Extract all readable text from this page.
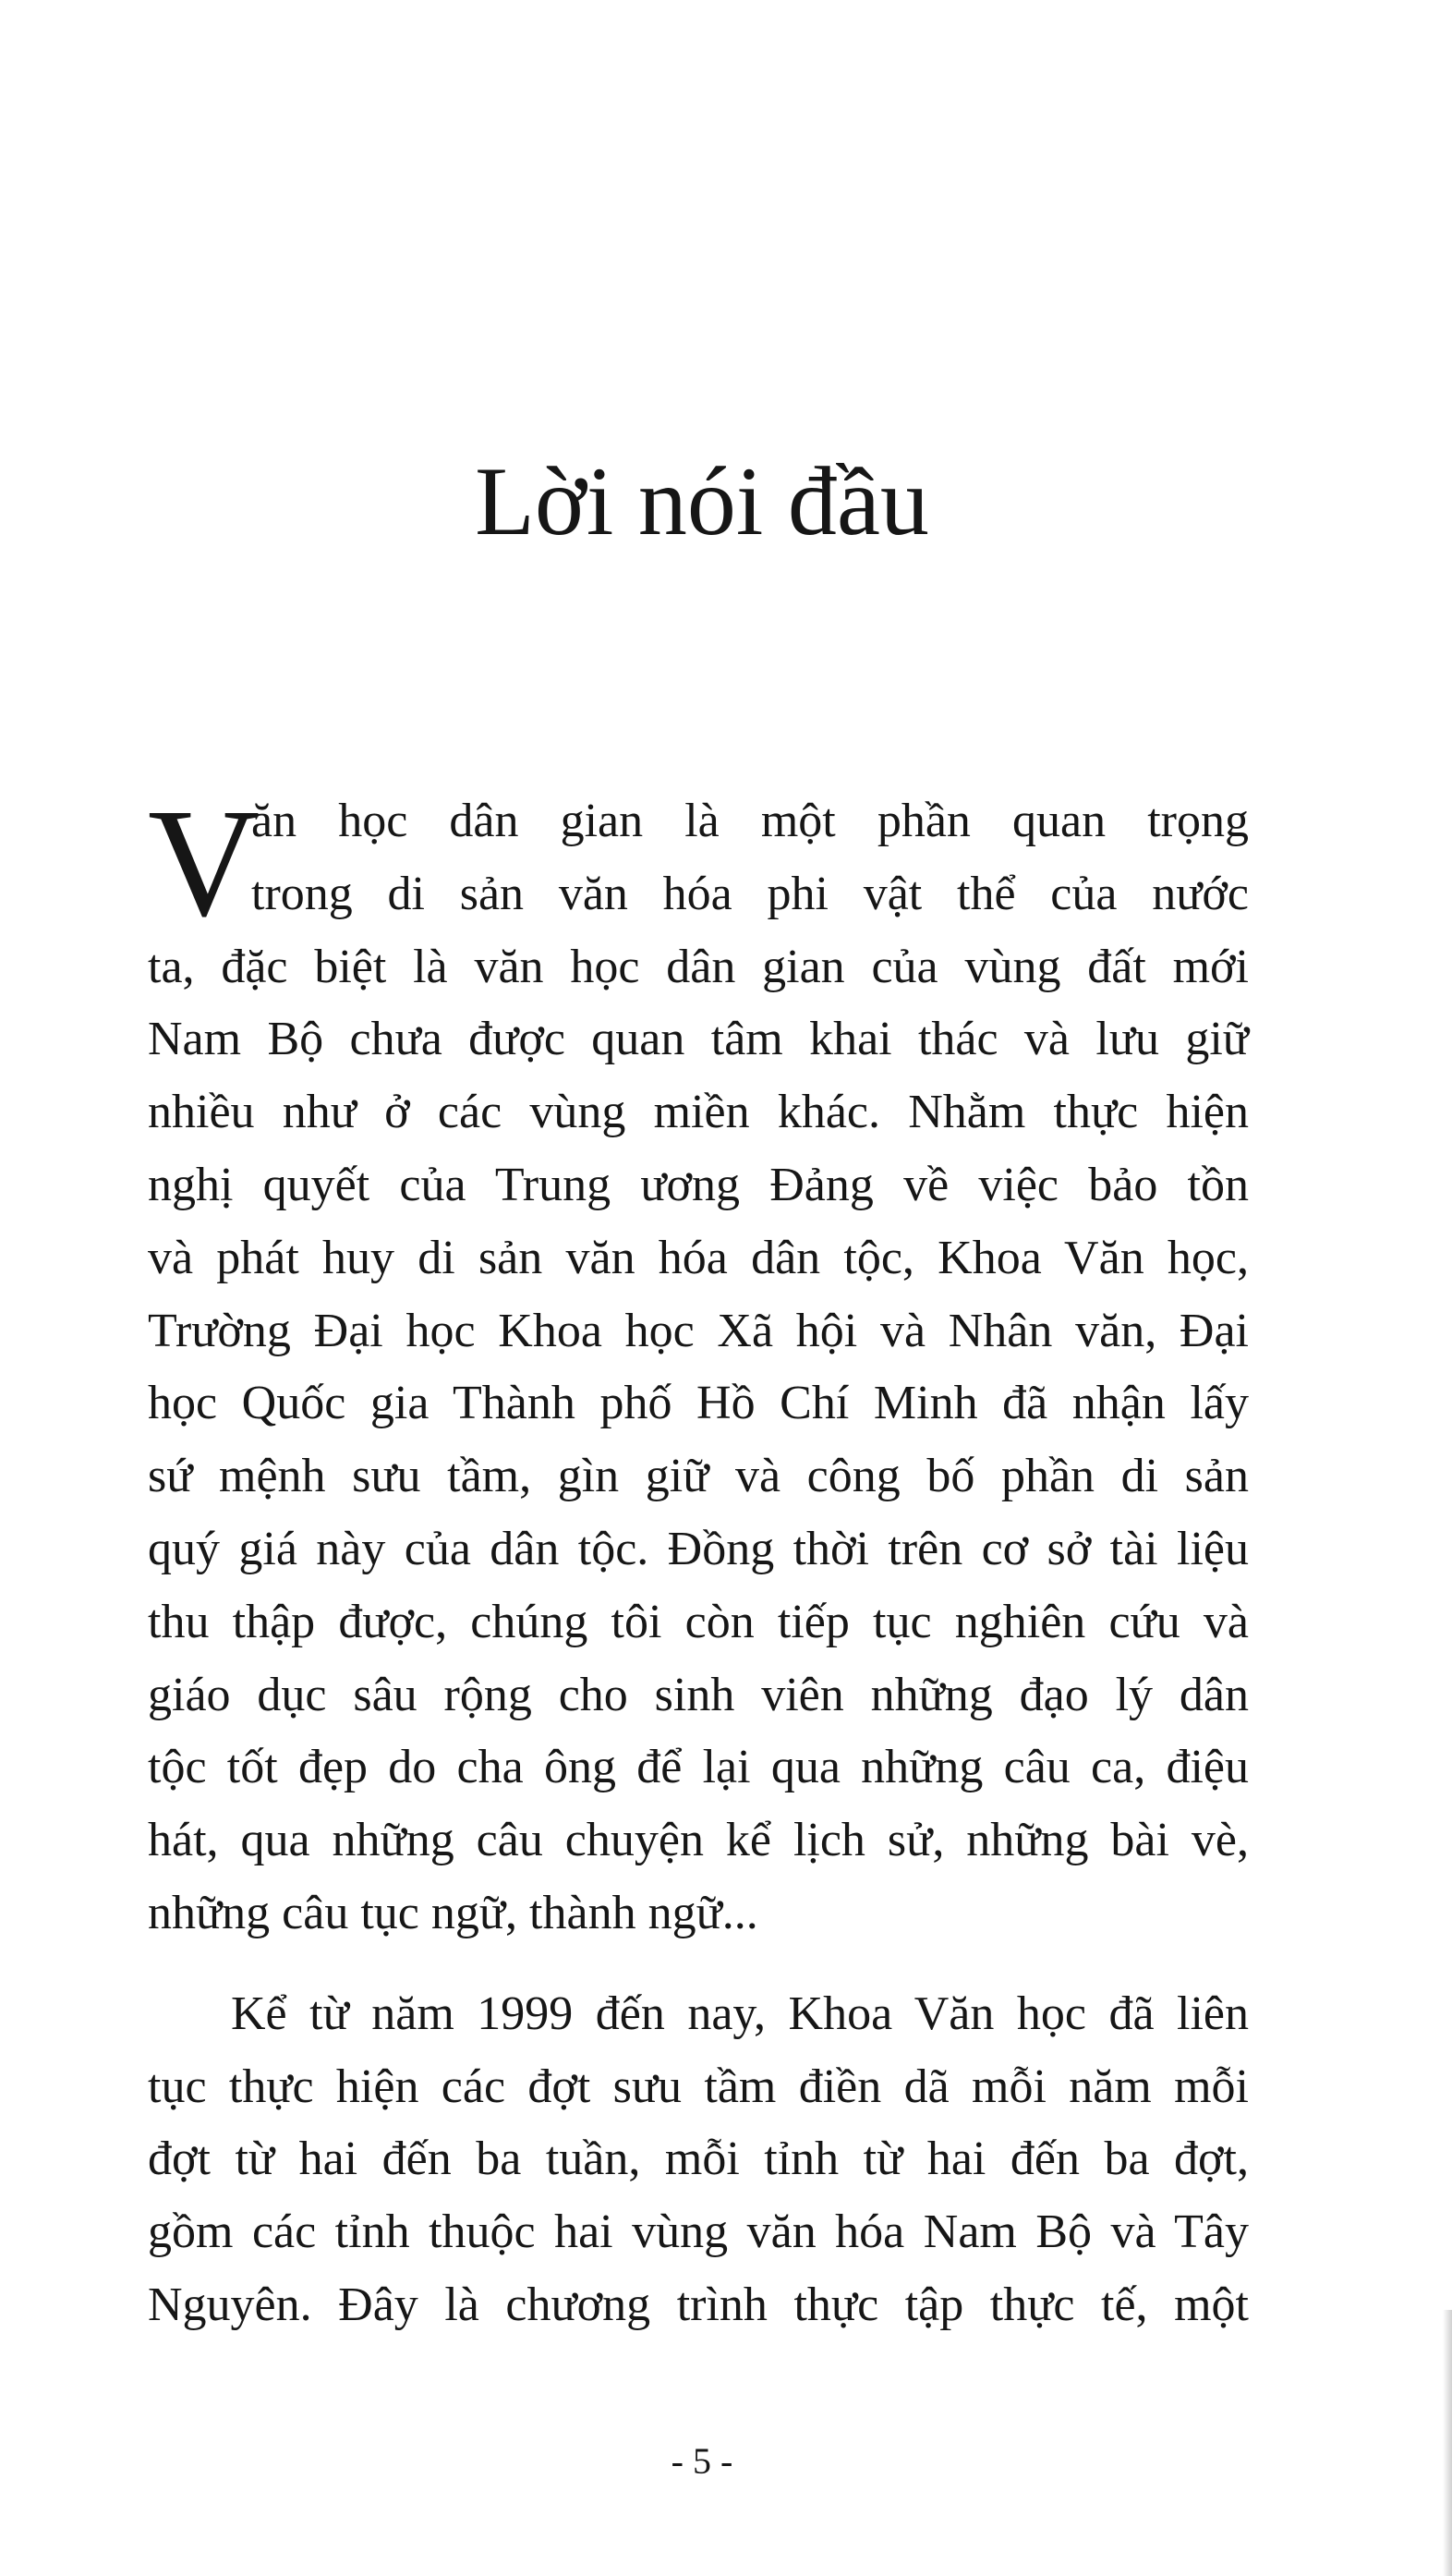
Lời nói đầu
V
ăn học dân gian là một phần quan trọng
trong di sản văn hóa phi vật thể của nước
ta, đặc biệt là văn học dân gian của vùng đất mới
Nam Bộ chưa được quan tâm khai thác và lưu giữ
nhiều như ở các vùng miền khác. Nhằm thực hiện
nghị quyết của Trung ương Đảng về việc bảo tồn
và phát huy di sản văn hóa dân tộc, Khoa Văn học,
Trường Đại học Khoa học Xã hội và Nhân văn, Đại
học Quốc gia Thành phố Hồ Chí Minh đã nhận lấy
sứ mệnh sưu tầm, gìn giữ và công bố phần di sản
quý giá này của dân tộc. Đồng thời trên cơ sở tài liệu
thu thập được, chúng tôi còn tiếp tục nghiên cứu và
giáo dục sâu rộng cho sinh viên những đạo lý dân
tộc tốt đẹp do cha ông để lại qua những câu ca, điệu
hát, qua những câu chuyện kể lịch sử, những bài vè,
những câu tục ngữ, thành ngữ...
Kể từ năm 1999 đến nay, Khoa Văn học đã liên
tục thực hiện các đợt sưu tầm điền dã mỗi năm mỗi
đợt từ hai đến ba tuần, mỗi tỉnh từ hai đến ba đợt,
gồm các tỉnh thuộc hai vùng văn hóa Nam Bộ và Tây
Nguyên. Đây là chương trình thực tập thực tế, một
- 5 -
